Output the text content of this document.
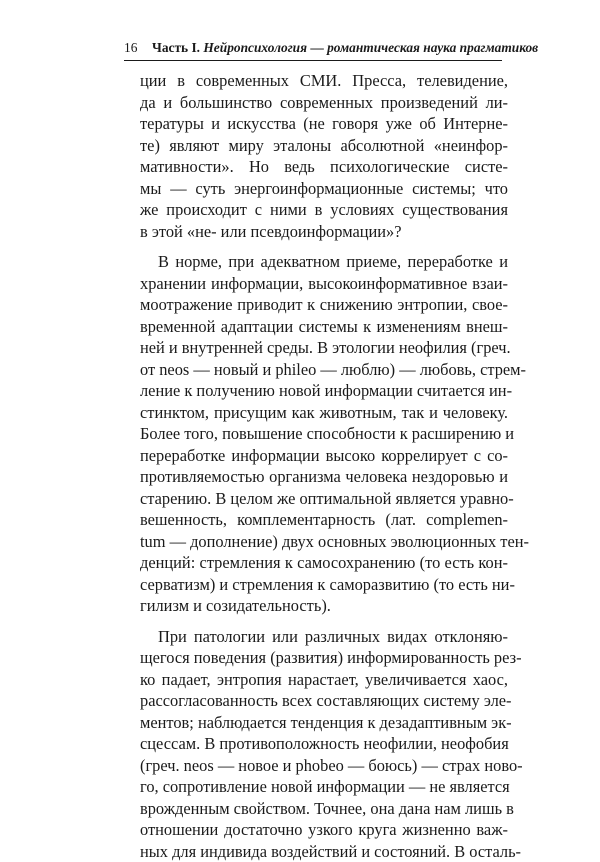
16 Часть I. Нейропсихология — романтическая наука прагматиков
ции в современных СМИ. Пресса, телевидение,
да и большинство современных произведений ли-
тературы и искусства (не говоря уже об Интерне-
те) являют миру эталоны абсолютной «неинфор-
мативности». Но ведь психологические систе-
мы — суть энергоинформационные системы; что
же происходит с ними в условиях существования
в этой «не- или псевдоинформации»?
В норме, при адекватном приеме, переработке и
хранении информации, высокоинформативное взаи-
моотражение приводит к снижению энтропии, свое-
временной адаптации системы к изменениям внеш-
ней и внутренней среды. В этологии неофилия (греч.
от neos — новый и phileo — люблю) — любовь, стрем-
ление к получению новой информации считается ин-
стинктом, присущим как животным, так и человеку.
Более того, повышение способности к расширению и
переработке информации высоко коррелирует с со-
противляемостью организма человека нездоровью и
старению. В целом же оптимальной является уравно-
вешенность, комплементарность (лат. complemen-
tum — дополнение) двух основных эволюционных тен-
денций: стремления к самосохранению (то есть кон-
серватизм) и стремления к саморазвитию (то есть ни-
гилизм и созидательность).
При патологии или различных видах отклоняю-
щегося поведения (развития) информированность рез-
ко падает, энтропия нарастает, увеличивается хаос,
рассогласованность всех составляющих систему эле-
ментов; наблюдается тенденция к дезадаптивным эк-
сцессам. В противоположность неофилии, неофобия
(греч. neos — новое и phobeo — боюсь) — страх ново-
го, сопротивление новой информации — не является
врожденным свойством. Точнее, она дана нам лишь в
отношении достаточно узкого круга жизненно важ-
ных для индивида воздействий и состояний. В осталь-
